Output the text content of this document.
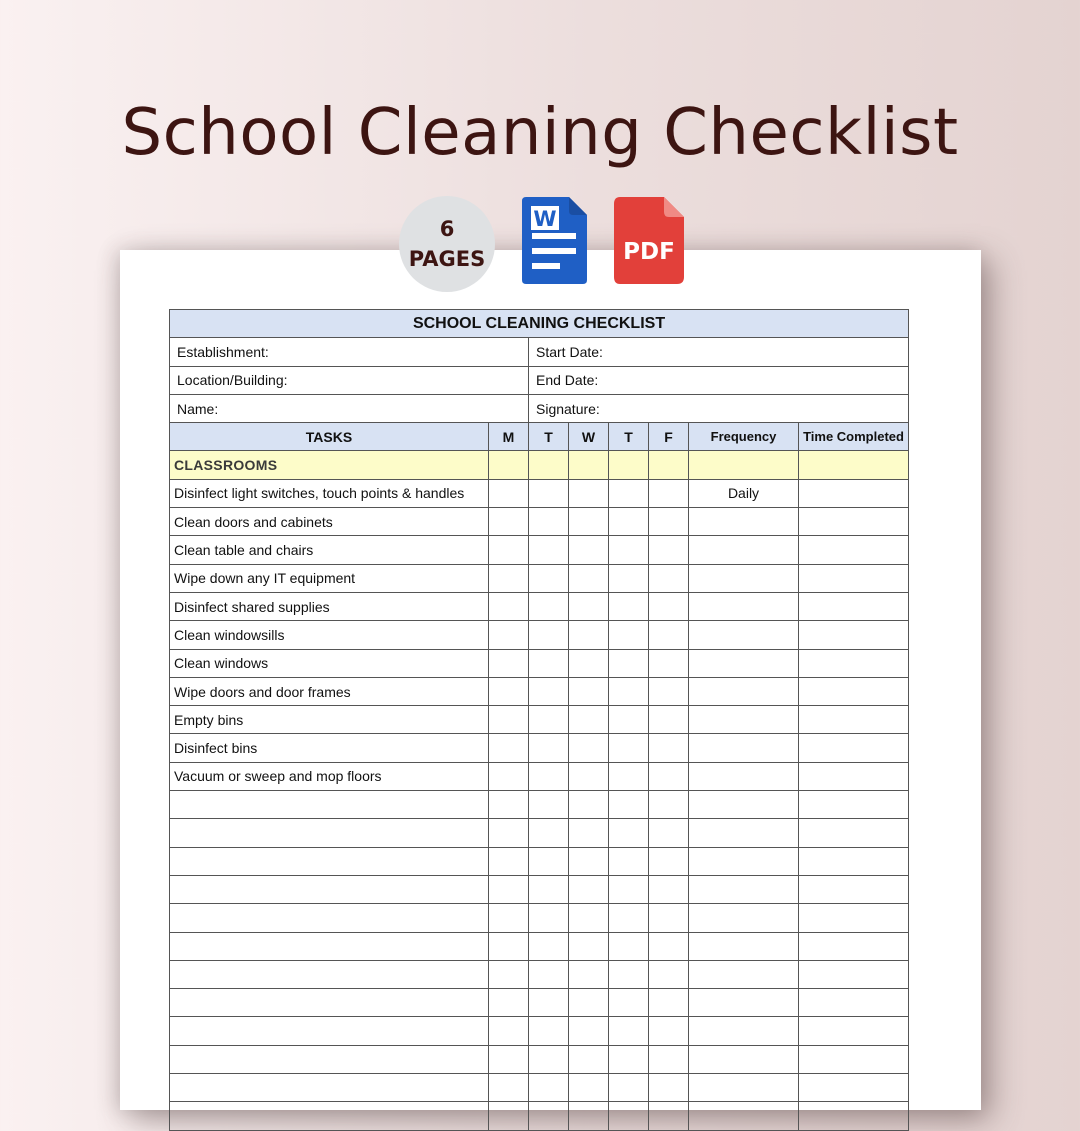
School Cleaning Checklist
6
PAGES
W
PDF
SCHOOL CLEANING CHECKLIST							
Establishment:		Start Date:					
Location/Building:		End Date:					
Name:		Signature:					
TASKS	M	T	W	T	F	Frequency	Time Completed
CLASSROOMS							
Disinfect light switches, touch points & handles						Daily	
Clean doors and cabinets							
Clean table and chairs							
Wipe down any IT equipment							
Disinfect shared supplies							
Clean windowsills							
Clean windows							
Wipe doors and door frames							
Empty bins							
Disinfect bins							
Vacuum or sweep and mop floors							
